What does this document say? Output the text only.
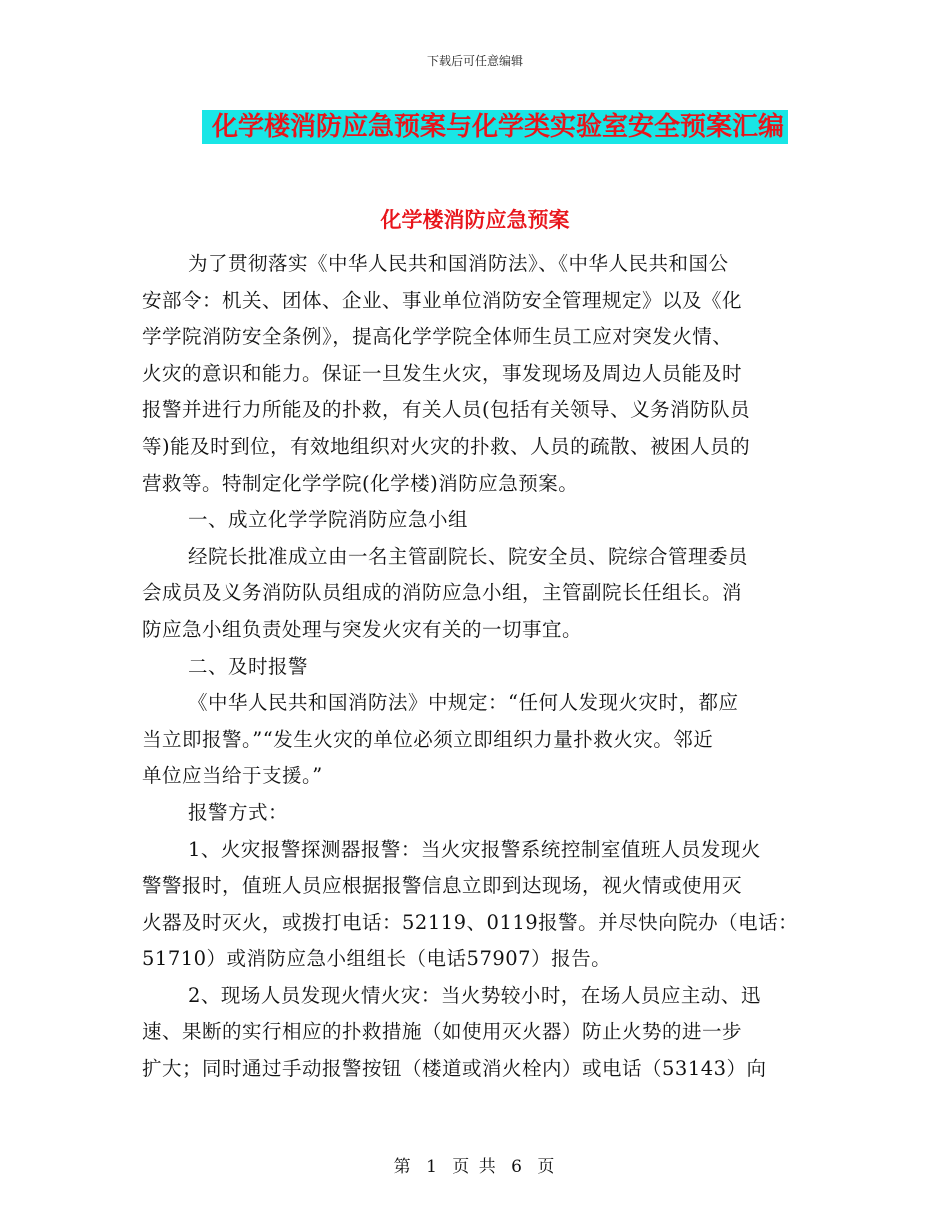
下载后可任意编辑
化学楼消防应急预案与化学类实验室安全预案汇编
化学楼消防应急预案
为了贯彻落实《中华人民共和国消防法》、《中华人民共和国公
安部令：机关、团体、企业、事业单位消防安全管理规定》以及《化
学学院消防安全条例》，提高化学学院全体师生员工应对突发火情、
火灾的意识和能力。保证一旦发生火灾，事发现场及周边人员能及时
报警并进行力所能及的扑救，有关人员(包括有关领导、义务消防队员
等)能及时到位，有效地组织对火灾的扑救、人员的疏散、被困人员的
营救等。特制定化学学院(化学楼)消防应急预案。
一、成立化学学院消防应急小组
经院长批准成立由一名主管副院长、院安全员、院综合管理委员
会成员及义务消防队员组成的消防应急小组，主管副院长任组长。消
防应急小组负责处理与突发火灾有关的一切事宜。
二、及时报警
《中华人民共和国消防法》中规定：“任何人发现火灾时，都应
当立即报警。”“发生火灾的单位必须立即组织力量扑救火灾。邻近
单位应当给于支援。”
报警方式：
1、火灾报警探测器报警：当火灾报警系统控制室值班人员发现火
警警报时，值班人员应根据报警信息立即到达现场，视火情或使用灭
火器及时灭火，或拨打电话：52119、0119报警。并尽快向院办（电话：
51710）或消防应急小组组长（电话57907）报告。
2、现场人员发现火情火灾：当火势较小时，在场人员应主动、迅
速、果断的实行相应的扑救措施（如使用灭火器）防止火势的进一步
扩大；同时通过手动报警按钮（楼道或消火栓内）或电话（53143）向
第 1 页 共 6 页
